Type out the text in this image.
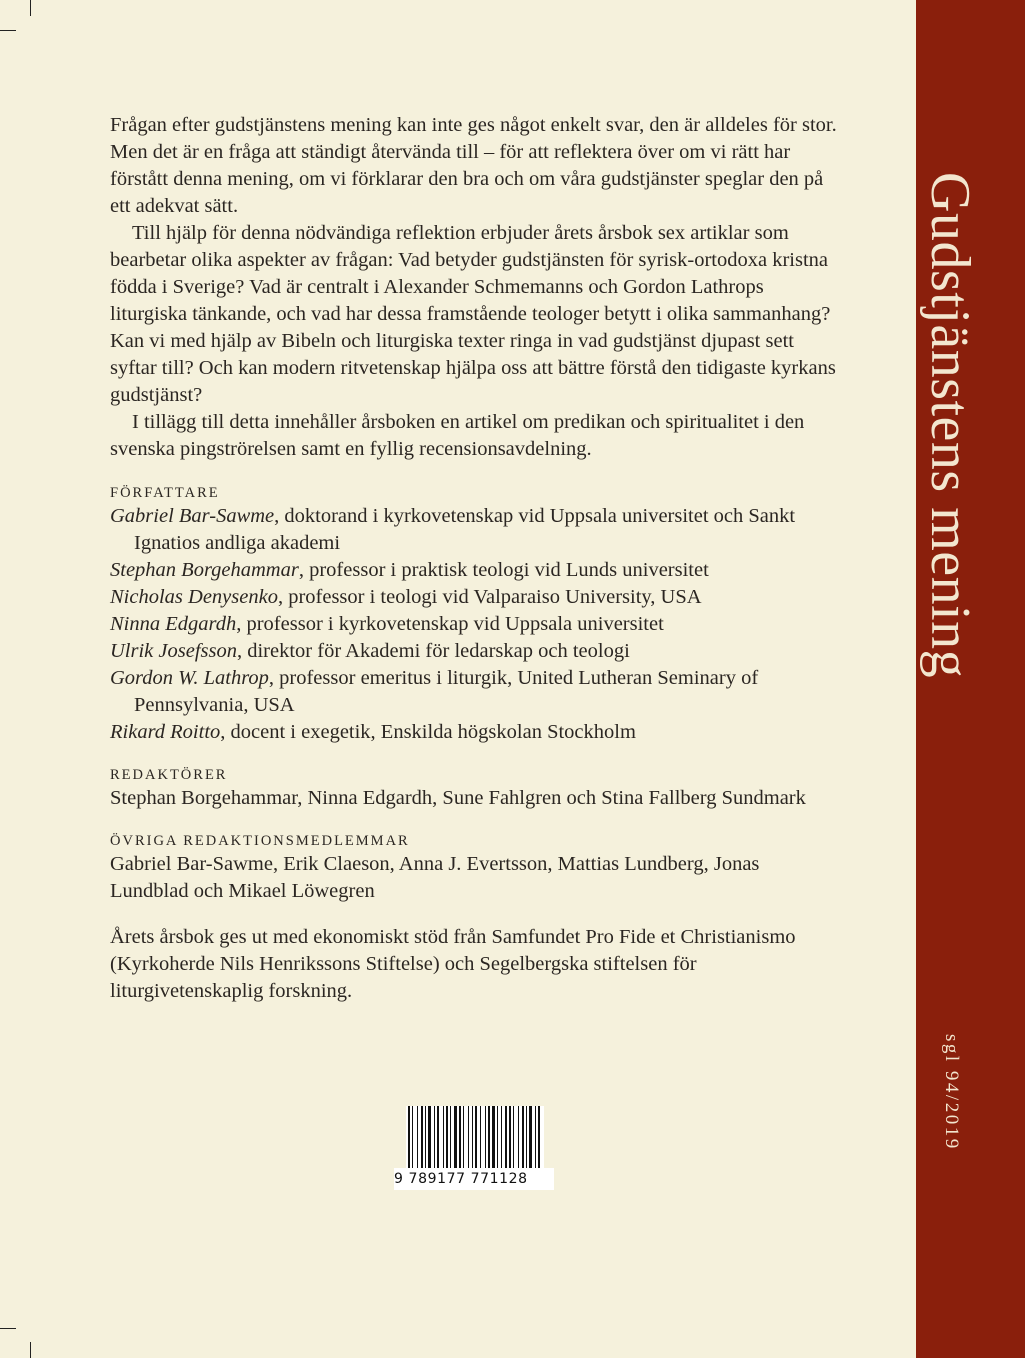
Frågan efter gudstjänstens mening kan inte ges något enkelt svar, den är alldeles för stor. Men det är en fråga att ständigt återvända till – för att reflektera över om vi rätt har förstått denna mening, om vi förklarar den bra och om våra gudstjänster speglar den på ett adekvat sätt.

Till hjälp för denna nödvändiga reflektion erbjuder årets årsbok sex artiklar som bearbetar olika aspekter av frågan: Vad betyder gudstjänsten för syrisk-ortodoxa kristna födda i Sverige? Vad är centralt i Alexander Schmemanns och Gordon Lathrops liturgiska tänkande, och vad har dessa framstående teologer betytt i olika sammanhang? Kan vi med hjälp av Bibeln och liturgiska texter ringa in vad gudstjänst djupast sett syftar till? Och kan modern ritvetenskap hjälpa oss att bättre förstå den tidigaste kyrkans gudstjänst?

I tillägg till detta innehåller årsboken en artikel om predikan och spiritualitet i den svenska pingströrelsen samt en fyllig recensionsavdelning.

FÖRFATTARE

Gabriel Bar-Sawme, doktorand i kyrkovetenskap vid Uppsala universitet och Sankt Ignatios andliga akademi

Stephan Borgehammar, professor i praktisk teologi vid Lunds universitet

Nicholas Denysenko, professor i teologi vid Valparaiso University, USA

Ninna Edgardh, professor i kyrkovetenskap vid Uppsala universitet

Ulrik Josefsson, direktor för Akademi för ledarskap och teologi

Gordon W. Lathrop, professor emeritus i liturgik, United Lutheran Seminary of Pennsylvania, USA

Rikard Roitto, docent i exegetik, Enskilda högskolan Stockholm

REDAKTÖRER

Stephan Borgehammar, Ninna Edgardh, Sune Fahlgren och Stina Fallberg Sundmark

ÖVRIGA REDAKTIONSMEDLEMMAR

Gabriel Bar-Sawme, Erik Claeson, Anna J. Evertsson, Mattias Lundberg, Jonas Lundblad och Mikael Löwegren

Årets årsbok ges ut med ekonomiskt stöd från Samfundet Pro Fide et Christianismo (Kyrkoherde Nils Henrikssons Stiftelse) och Segelbergska stiftelsen för liturgivetenskaplig forskning.

9 789177 771128
Gudstjänstens mening
sgl 94/2019
